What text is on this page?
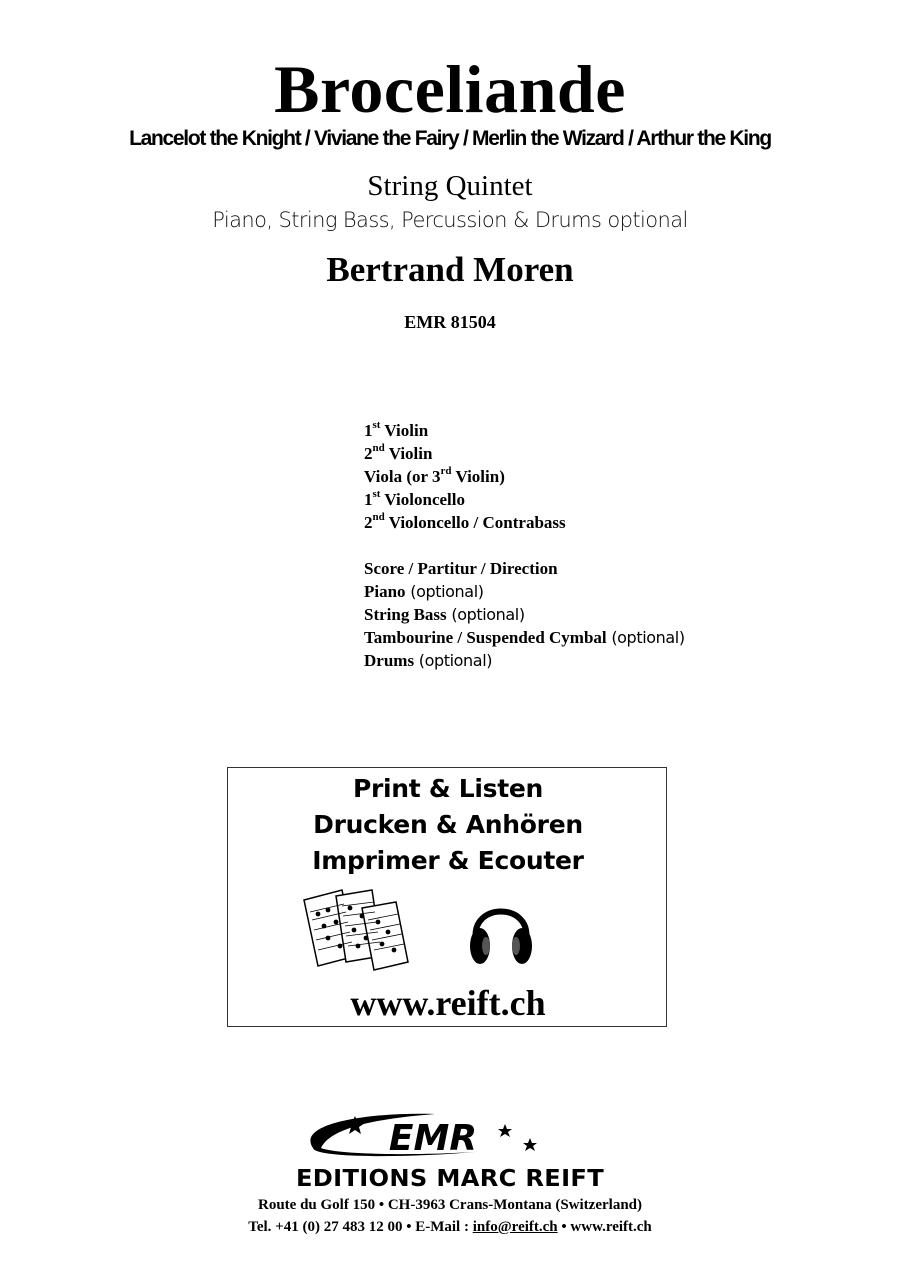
Broceliande
Lancelot the Knight / Viviane the Fairy / Merlin the Wizard / Arthur the King
String Quintet
Piano, String Bass, Percussion & Drums optional
Bertrand Moren
EMR 81504
1st Violin
2nd Violin
Viola (or 3rd Violin)
1st Violoncello
2nd Violoncello / Contrabass
Score / Partitur / Direction
Piano (optional)
String Bass (optional)
Tambourine / Suspended Cymbal (optional)
Drums (optional)
Print & Listen
Drucken & Anhören
Imprimer & Ecouter
www.reift.ch
EMR
EDITIONS MARC REIFT
Route du Golf 150 • CH-3963 Crans-Montana (Switzerland)
Tel. +41 (0) 27 483 12 00 • E-Mail : info@reift.ch • www.reift.ch
